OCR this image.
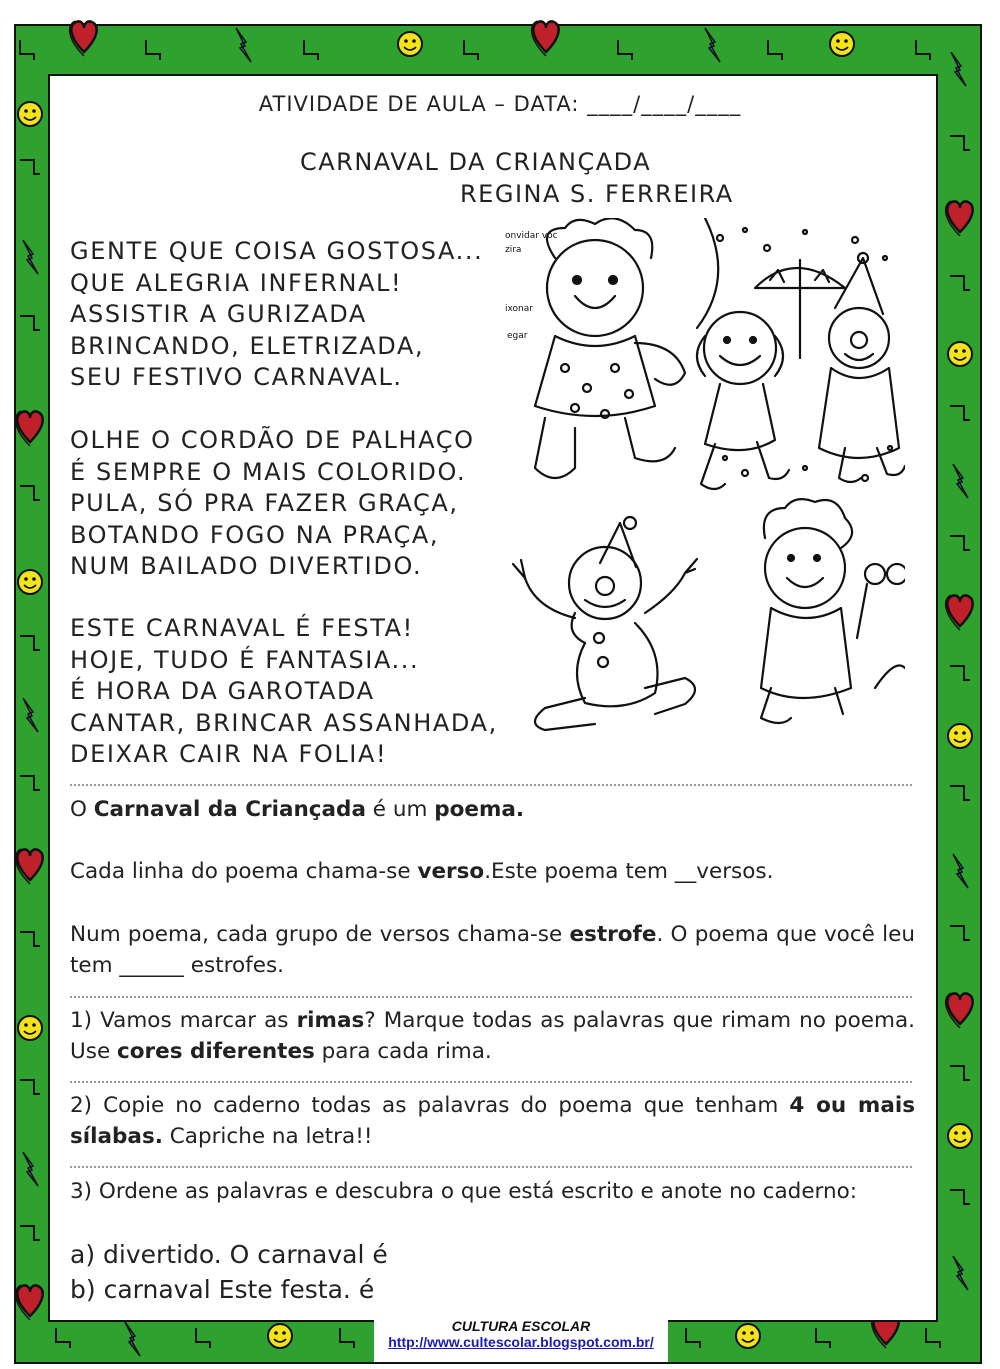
ATIVIDADE DE AULA – DATA: ____/____/____
CARNAVAL DA CRIANÇADA
REGINA S. FERREIRA
GENTE QUE COISA GOSTOSA...
QUE ALEGRIA INFERNAL!
ASSISTIR A GURIZADA
BRINCANDO, ELETRIZADA,
SEU FESTIVO CARNAVAL.
OLHE O CORDÃO DE PALHAÇO
É SEMPRE O MAIS COLORIDO.
PULA, SÓ PRA FAZER GRAÇA,
BOTANDO FOGO NA PRAÇA,
NUM BAILADO DIVERTIDO.
ESTE CARNAVAL É FESTA!
HOJE, TUDO É FANTASIA...
É HORA DA GAROTADA
CANTAR, BRINCAR ASSANHADA,
DEIXAR CAIR NA FOLIA!
onvidar voc
zira
ixonar
egar
O Carnaval da Criançada é um poema.
Cada linha do poema chama-se verso.Este poema tem __versos.
Num poema, cada grupo de versos chama-se estrofe. O poema que você leu tem ______ estrofes.
1) Vamos marcar as rimas? Marque todas as palavras que rimam no poema. Use cores diferentes para cada rima.
2) Copie no caderno todas as palavras do poema que tenham 4 ou mais sílabas. Capriche na letra!!
3) Ordene as palavras e descubra o que está escrito e anote no caderno:
a) divertido. O carnaval é
b) carnaval Este festa. é
CULTURA ESCOLAR
http://www.cultescolar.blogspot.com.br/
